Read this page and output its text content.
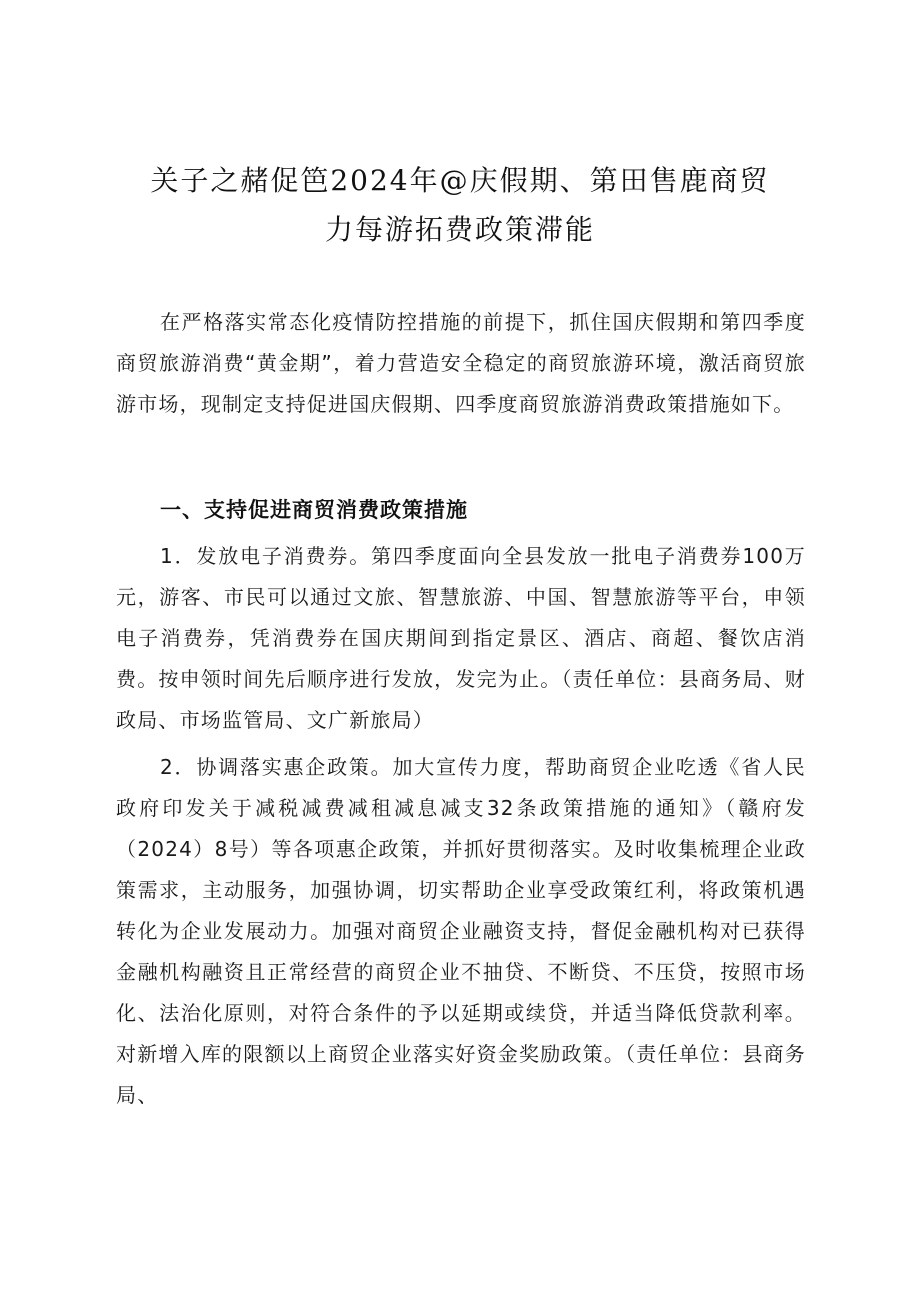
关子之赭促笆2024年@庆假期、第田售鹿商贸
力每游拓费政策滞能

在严格落实常态化疫情防控措施的前提下，抓住国庆假期和第四季度商贸旅游消费“黄金期”，着力营造安全稳定的商贸旅游环境，激活商贸旅游市场，现制定支持促进国庆假期、四季度商贸旅游消费政策措施如下。

一、支持促进商贸消费政策措施

1．发放电子消费券。第四季度面向全县发放一批电子消费券100万元，游客、市民可以通过文旅、智慧旅游、中国、智慧旅游等平台，申领电子消费券，凭消费券在国庆期间到指定景区、酒店、商超、餐饮店消费。按申领时间先后顺序进行发放，发完为止。（责任单位：县商务局、财政局、市场监管局、文广新旅局）

2．协调落实惠企政策。加大宣传力度，帮助商贸企业吃透《省人民政府印发关于减税减费减租减息减支32条政策措施的通知》（赣府发（2024）8号）等各项惠企政策，并抓好贯彻落实。及时收集梳理企业政策需求，主动服务，加强协调，切实帮助企业享受政策红利，将政策机遇转化为企业发展动力。加强对商贸企业融资支持，督促金融机构对已获得金融机构融资且正常经营的商贸企业不抽贷、不断贷、不压贷，按照市场化、法治化原则，对符合条件的予以延期或续贷，并适当降低贷款利率。对新增入库的限额以上商贸企业落实好资金奖励政策。（责任单位：县商务局、
